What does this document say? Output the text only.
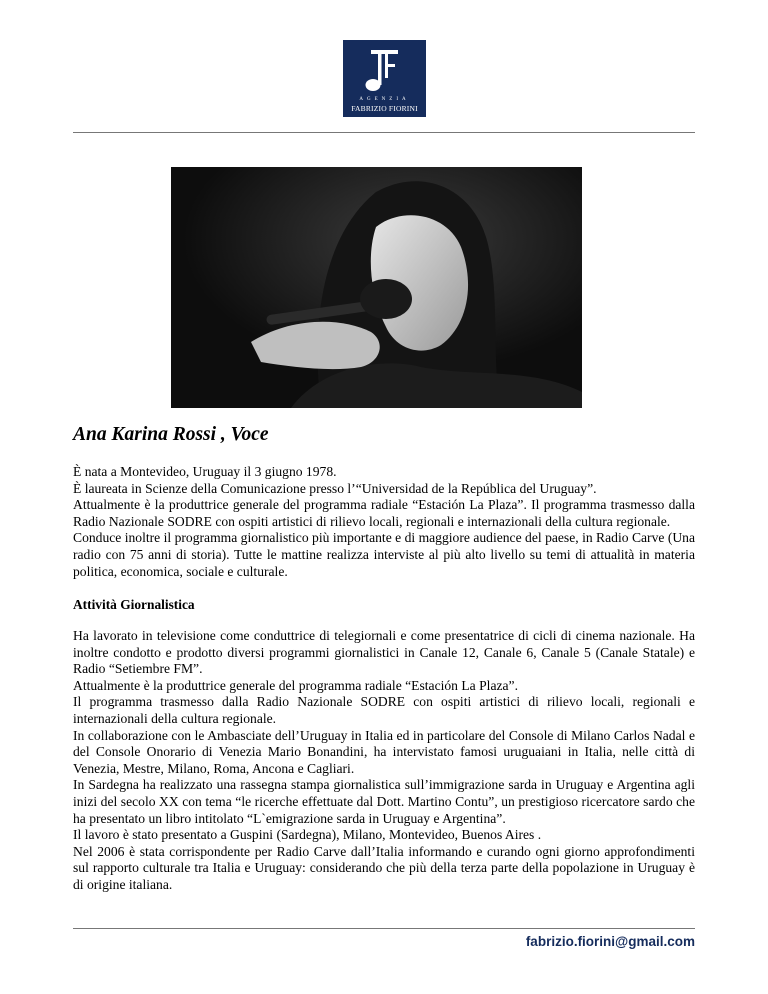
AGENZIA
FABRIZIO FIORINI
Ana Karina Rossi , Voce
È nata a Montevideo, Uruguay il 3 giugno 1978.
È laureata in Scienze della Comunicazione presso l’“Universidad de la República del Uruguay”.
Attualmente è la produttrice generale del programma radiale “Estación La Plaza”. Il programma trasmesso dalla Radio Nazionale SODRE con ospiti artistici di rilievo locali, regionali e internazionali della cultura regionale.
Conduce inoltre il programma giornalistico più importante e di maggiore audience del paese, in Radio Carve (Una radio con 75 anni di storia). Tutte le mattine realizza interviste al più alto livello su temi di attualità in materia politica, economica, sociale e culturale.
Attività Giornalistica
Ha lavorato in televisione come conduttrice di telegiornali e come presentatrice di cicli di cinema nazionale. Ha inoltre condotto e prodotto diversi programmi giornalistici in Canale 12, Canale 6, Canale 5 (Canale Statale) e Radio “Setiembre FM”.
Attualmente è la produttrice generale del programma radiale “Estación La Plaza”.
Il programma trasmesso dalla Radio Nazionale SODRE con ospiti artistici di rilievo locali, regionali e internazionali della cultura regionale.
In collaborazione con le Ambasciate dell’Uruguay in Italia ed in particolare del Console di Milano Carlos Nadal e del Console Onorario di Venezia Mario Bonandini, ha intervistato famosi uruguaiani in Italia, nelle città di Venezia, Mestre, Milano, Roma, Ancona e Cagliari.
In Sardegna ha realizzato una rassegna stampa giornalistica sull’immigrazione sarda in Uruguay e Argentina agli inizi del secolo XX con tema “le ricerche effettuate dal Dott. Martino Contu”, un prestigioso ricercatore sardo che ha presentato un libro intitolato “L`emigrazione sarda in Uruguay e Argentina”.
Il lavoro è stato presentato a Guspini (Sardegna), Milano, Montevideo, Buenos Aires .
Nel 2006 è stata corrispondente per Radio Carve dall’Italia informando e curando ogni giorno approfondimenti sul rapporto culturale tra Italia e Uruguay: considerando che più della terza parte della popolazione in Uruguay è di origine italiana.
fabrizio.fiorini@gmail.com
